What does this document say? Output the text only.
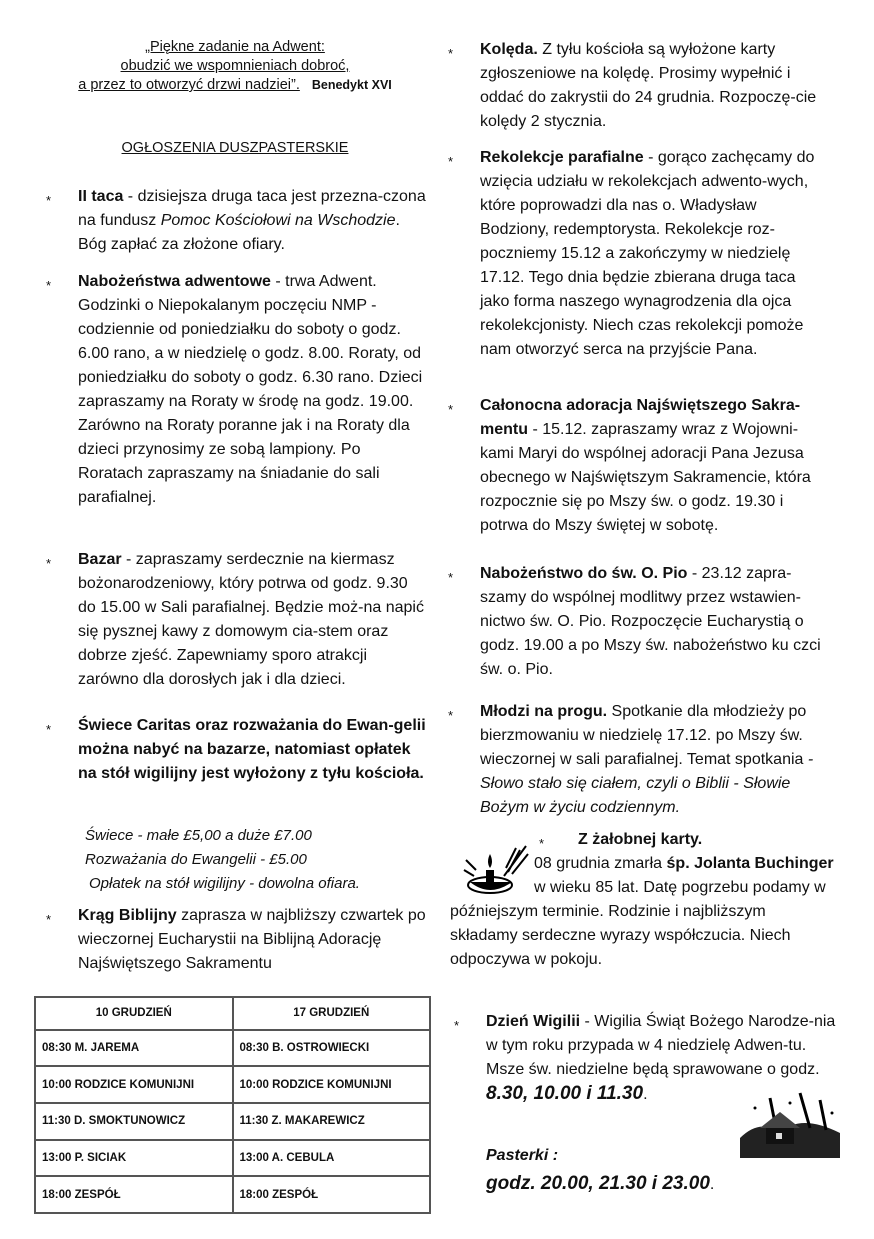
„Piękne zadanie na Adwent:
obudzić we wspomnieniach dobroć,
a przez to otworzyć drzwi nadziei”. Benedykt XVI
OGŁOSZENIA DUSZPASTERSKIE
* II taca - dzisiejsza druga taca jest przezna-czona na fundusz Pomoc Kościołowi na Wschodzie. Bóg zapłać za złożone ofiary.
* Nabożeństwa adwentowe - trwa Adwent. Godzinki o Niepokalanym poczęciu NMP - codziennie od poniedziałku do soboty o godz. 6.00 rano, a w niedzielę o godz. 8.00. Roraty, od poniedziałku do soboty o godz. 6.30 rano. Dzieci zapraszamy na Roraty w środę na godz. 19.00. Zarówno na Roraty poranne jak i na Roraty dla dzieci przynosimy ze sobą lampiony. Po Roratach zapraszamy na śniadanie do sali parafialnej.
* Bazar - zapraszamy serdecznie na kiermasz bożonarodzeniowy, który potrwa od godz. 9.30 do 15.00 w Sali parafialnej. Będzie moż-na napić się pysznej kawy z domowym cia-stem oraz dobrze zjeść. Zapewniamy sporo atrakcji zarówno dla dorosłych jak i dla dzieci.
* Świece Caritas oraz rozważania do Ewan-gelii można nabyć na bazarze, natomiast opłatek na stół wigilijny jest wyłożony z tyłu kościoła.
Świece - małe £5,00 a duże £7.00
Rozważania do Ewangelii - £5.00
Opłatek na stół wigilijny - dowolna ofiara.
* Krąg Biblijny zaprasza w najbliższy czwartek po wieczornej Eucharystii na Biblijną Adorację Najświętszego Sakramentu
10 GRUDZIEŃ	17 GRUDZIEŃ
08:30 M. JAREMA	08:30 B. OSTROWIECKI
10:00 RODZICE KOMUNIJNI	10:00 RODZICE KOMUNIJNI
11:30 D. SMOKTUNOWICZ	11:30 Z. MAKAREWICZ
13:00 P. SICIAK	13:00 A. CEBULA
18:00 ZESPÓŁ	18:00 ZESPÓŁ
* Kolęda. Z tyłu kościoła są wyłożone karty zgłoszeniowe na kolędę. Prosimy wypełnić i oddać do zakrystii do 24 grudnia. Rozpoczę-cie kolędy 2 stycznia.
* Rekolekcje parafialne - gorąco zachęcamy do wzięcia udziału w rekolekcjach adwento-wych, które poprowadzi dla nas o. Władysław Bodziony, redemptorysta. Rekolekcje roz-poczniemy 15.12 a zakończymy w niedzielę 17.12. Tego dnia będzie zbierana druga taca jako forma naszego wynagrodzenia dla ojca rekolekcjonisty. Niech czas rekolekcji pomoże nam otworzyć serca na przyjście Pana.
* Całonocna adoracja Najświętszego Sakra-mentu - 15.12. zapraszamy wraz z Wojowni-kami Maryi do wspólnej adoracji Pana Jezusa obecnego w Najświętszym Sakramencie, która rozpocznie się po Mszy św. o godz. 19.30 i potrwa do Mszy świętej w sobotę.
* Nabożeństwo do św. O. Pio - 23.12 zapra-szamy do wspólnej modlitwy przez wstawien-nictwo św. O. Pio. Rozpoczęcie Eucharystią o godz. 19.00 a po Mszy św. nabożeństwo ku czci św. o. Pio.
* Młodzi na progu. Spotkanie dla młodzieży po bierzmowaniu w niedzielę 17.12. po Mszy św. wieczornej w sali parafialnej. Temat spotkania - Słowo stało się ciałem, czyli o Biblii - Słowie Bożym w życiu codziennym.
*	Z żałobnej karty.
08 grudnia zmarła śp. Jolanta Buchinger w wieku 85 lat. Datę pogrzebu podamy w późniejszym terminie. Rodzinie i najbliższym składamy serdeczne wyrazy współczucia. Niech odpoczywa w pokoju.
* Dzień Wigilii - Wigilia Świąt Bożego Narodze-nia w tym roku przypada w 4 niedzielę Adwen-tu. Msze św. niedzielne będą sprawowane o godz. 8.30, 10.00 i 11.30.
Pasterki :
godz. 20.00, 21.30 i 23.00.
